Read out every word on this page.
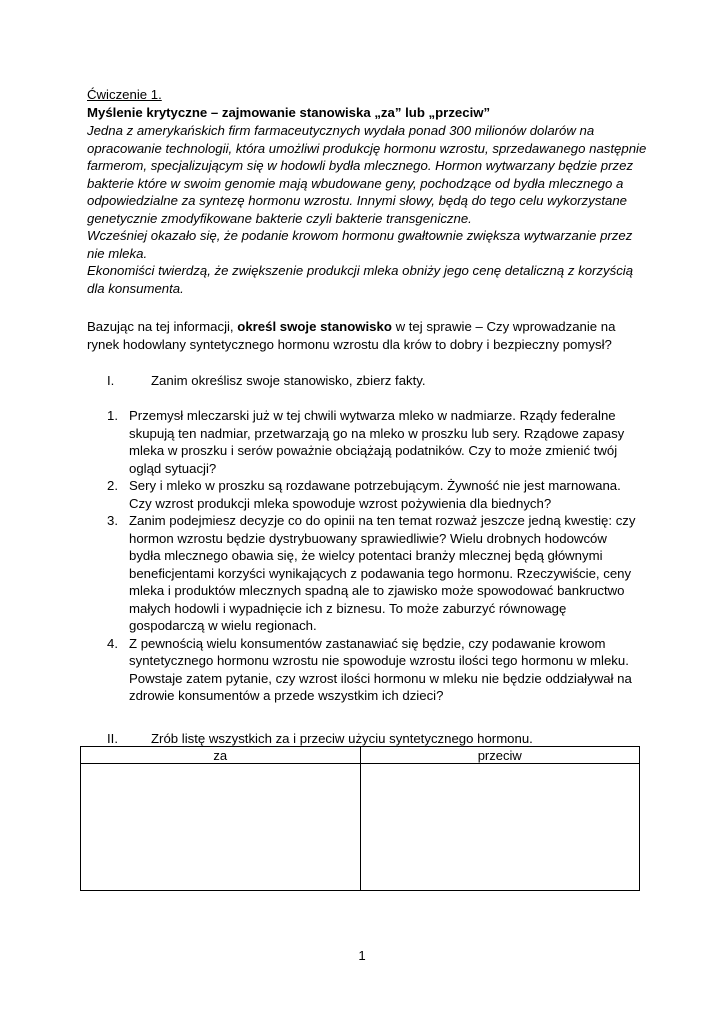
Ćwiczenie 1.
Myślenie krytyczne – zajmowanie stanowiska „za” lub „przeciw”

Jedna z amerykańskich firm farmaceutycznych wydała ponad 300 milionów dolarów na opracowanie technologii, która umożliwi produkcję hormonu wzrostu, sprzedawanego następnie farmerom, specjalizującym się w hodowli bydła mlecznego. Hormon wytwarzany będzie przez bakterie które w swoim genomie mają wbudowane geny, pochodzące od bydła mlecznego a odpowiedzialne za syntezę hormonu wzrostu. Innymi słowy, będą do tego celu wykorzystane genetycznie zmodyfikowane bakterie czyli bakterie transgeniczne.

Wcześniej okazało się, że podanie krowom hormonu gwałtownie zwiększa wytwarzanie przez nie mleka.

Ekonomiści twierdzą, że zwiększenie produkcji mleka obniży jego cenę detaliczną z korzyścią dla konsumenta.

Bazując na tej informacji, określ swoje stanowisko w tej sprawie – Czy wprowadzanie na rynek hodowlany syntetycznego hormonu wzrostu dla krów to dobry i bezpieczny pomysł?
I.	Zanim określisz swoje stanowisko, zbierz fakty.
1. Przemysł mleczarski już w tej chwili wytwarza mleko w nadmiarze. Rządy federalne skupują ten nadmiar, przetwarzają go na mleko w proszku lub sery. Rządowe zapasy mleka w proszku i serów poważnie obciążają podatników. Czy to może zmienić twój ogląd sytuacji?
2. Sery i mleko w proszku są rozdawane potrzebującym. Żywność nie jest marnowana. Czy wzrost produkcji mleka spowoduje wzrost pożywienia dla biednych?
3. Zanim podejmiesz decyzje co do opinii na ten temat rozważ jeszcze jedną kwestię: czy hormon wzrostu będzie dystrybuowany sprawiedliwie? Wielu drobnych hodowców bydła mlecznego obawia się, że wielcy potentaci branży mlecznej będą głównymi beneficjentami korzyści wynikających z podawania tego hormonu. Rzeczywiście, ceny mleka i produktów mlecznych spadną ale to zjawisko może spowodować bankructwo małych hodowli i wypadnięcie ich z biznesu. To może zaburzyć równowagę gospodarczą w wielu regionach.
4. Z pewnością wielu konsumentów zastanawiać się będzie, czy podawanie krowom syntetycznego hormonu wzrostu nie spowoduje wzrostu ilości tego hormonu w mleku. Powstaje zatem pytanie, czy wzrost ilości hormonu w mleku nie będzie oddziaływał na zdrowie konsumentów a przede wszystkim ich dzieci?
II.	Zrób listę wszystkich za i przeciw użyciu syntetycznego hormonu.
za	przeciw

1
